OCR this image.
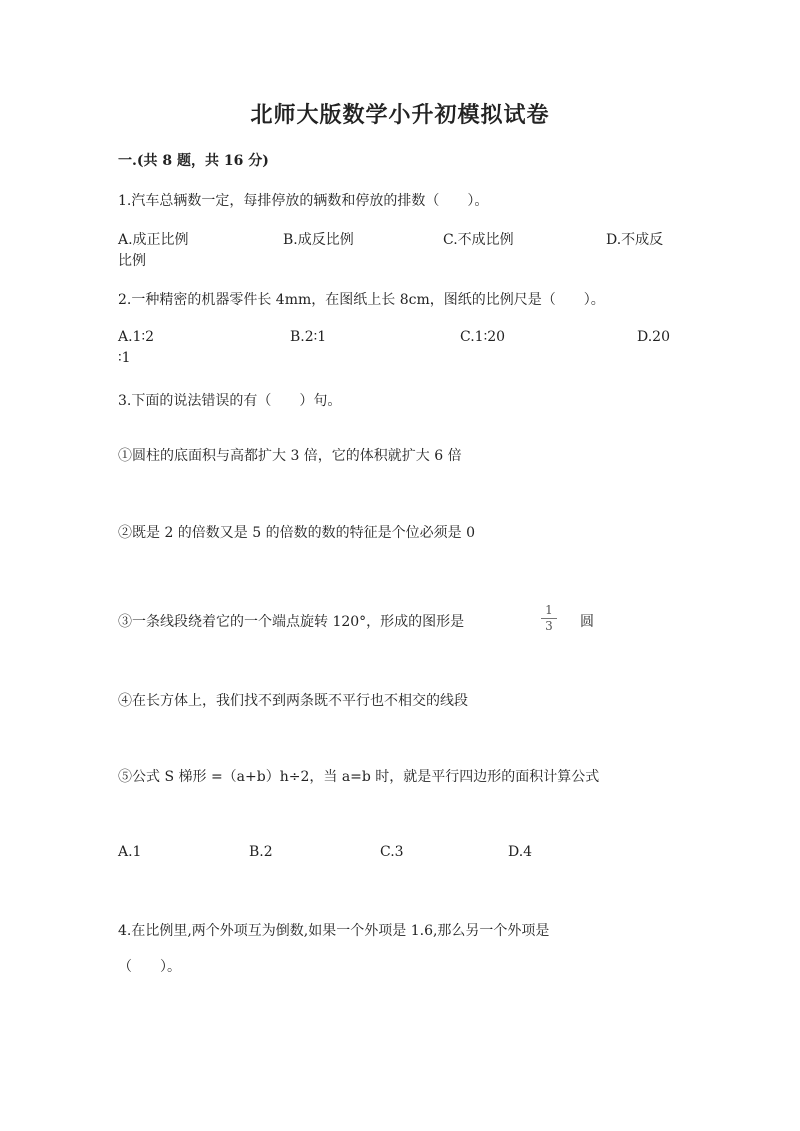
北师大版数学小升初模拟试卷
一.(共 8 题，共 16 分)
1.汽车总辆数一定，每排停放的辆数和停放的排数（　　）。
A.成正比例	B.成反比例	C.不成比例	D.不成反
比例
2.一种精密的机器零件长 4mm，在图纸上长 8cm，图纸的比例尺是（　　）。
A.1∶2	B.2∶1	C.1∶20	D.20
∶1
3.下面的说法错误的有（　　）句。
①圆柱的底面积与高都扩大 3 倍，它的体积就扩大 6 倍
②既是 2 的倍数又是 5 的倍数的数的特征是个位必须是 0
③一条线段绕着它的一个端点旋转 120°，形成的图形是
1
3 圆
④在长方体上，我们找不到两条既不平行也不相交的线段
⑤公式 S 梯形 =（a+b）h÷2，当 a=b 时，就是平行四边形的面积计算公式
A.1	B.2	C.3	D.4
4.在比例里,两个外项互为倒数,如果一个外项是 1.6,那么另一个外项是
（　　）。
